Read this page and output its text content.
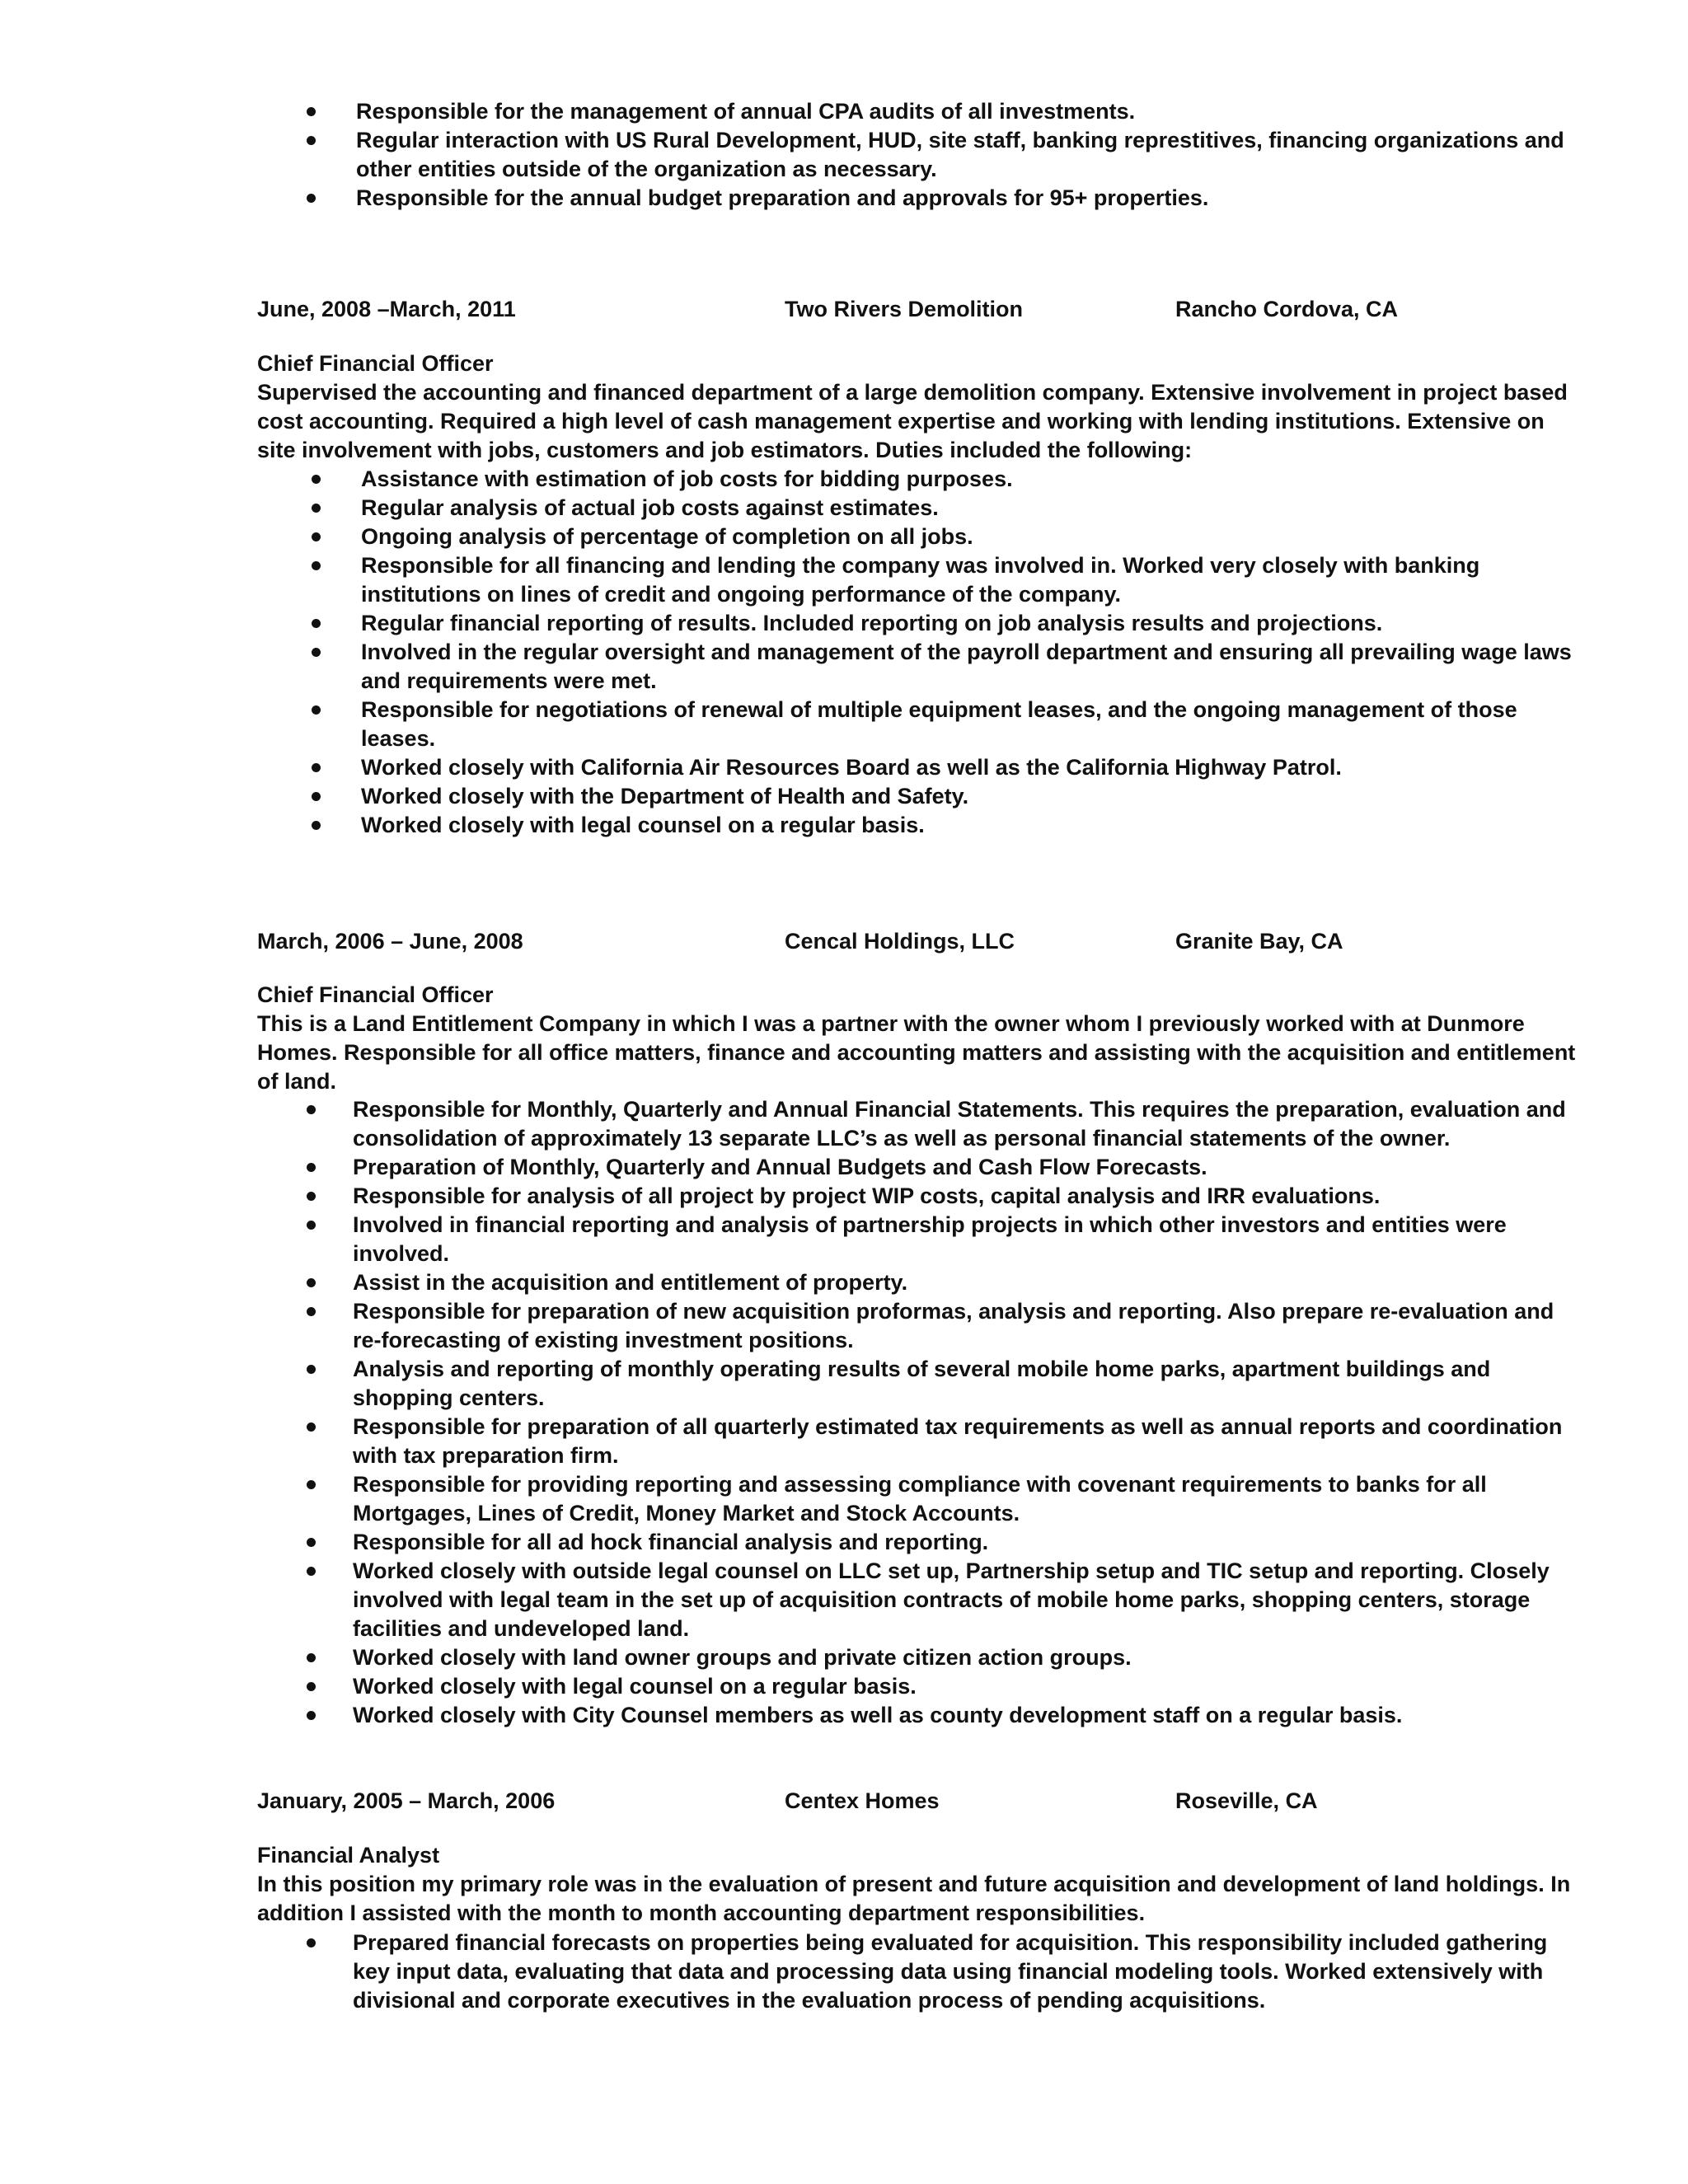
Responsible for the management of annual CPA audits of all investments.
Regular interaction with US Rural Development, HUD, site staff, banking represtitives, financing organizations and other entities outside of the organization as necessary.
Responsible for the annual budget preparation and approvals for 95+ properties.
June, 2008 –March, 2011	Two Rivers Demolition	Rancho Cordova, CA
Chief Financial Officer
Supervised the accounting and financed department of a large demolition company. Extensive involvement in project based cost accounting. Required a high level of cash management expertise and working with lending institutions. Extensive on site involvement with jobs, customers and job estimators. Duties included the following:
Assistance with estimation of job costs for bidding purposes.
Regular analysis of actual job costs against estimates.
Ongoing analysis of percentage of completion on all jobs.
Responsible for all financing and lending the company was involved in. Worked very closely with banking institutions on lines of credit and ongoing performance of the company.
Regular financial reporting of results. Included reporting on job analysis results and projections.
Involved in the regular oversight and management of the payroll department and ensuring all prevailing wage laws and requirements were met.
Responsible for negotiations of renewal of multiple equipment leases, and the ongoing management of those leases.
Worked closely with California Air Resources Board as well as the California Highway Patrol.
Worked closely with the Department of Health and Safety.
Worked closely with legal counsel on a regular basis.
March, 2006 – June, 2008	Cencal Holdings, LLC	Granite Bay, CA
Chief Financial Officer
This is a Land Entitlement Company in which I was a partner with the owner whom I previously worked with at Dunmore Homes. Responsible for all office matters, finance and accounting matters and assisting with the acquisition and entitlement of land.
Responsible for Monthly, Quarterly and Annual Financial Statements. This requires the preparation, evaluation and consolidation of approximately 13 separate LLC’s as well as personal financial statements of the owner.
Preparation of Monthly, Quarterly and Annual Budgets and Cash Flow Forecasts.
Responsible for analysis of all project by project WIP costs, capital analysis and IRR evaluations.
Involved in financial reporting and analysis of partnership projects in which other investors and entities were involved.
Assist in the acquisition and entitlement of property.
Responsible for preparation of new acquisition proformas, analysis and reporting. Also prepare re-evaluation and re-forecasting of existing investment positions.
Analysis and reporting of monthly operating results of several mobile home parks, apartment buildings and shopping centers.
Responsible for preparation of all quarterly estimated tax requirements as well as annual reports and coordination with tax preparation firm.
Responsible for providing reporting and assessing compliance with covenant requirements to banks for all Mortgages, Lines of Credit, Money Market and Stock Accounts.
Responsible for all ad hock financial analysis and reporting.
Worked closely with outside legal counsel on LLC set up, Partnership setup and TIC setup and reporting. Closely involved with legal team in the set up of acquisition contracts of mobile home parks, shopping centers, storage facilities and undeveloped land.
Worked closely with land owner groups and private citizen action groups.
Worked closely with legal counsel on a regular basis.
Worked closely with City Counsel members as well as county development staff on a regular basis.
January, 2005 – March, 2006	Centex Homes	Roseville, CA
Financial Analyst
In this position my primary role was in the evaluation of present and future acquisition and development of land holdings. In addition I assisted with the month to month accounting department responsibilities.
Prepared financial forecasts on properties being evaluated for acquisition. This responsibility included gathering key input data, evaluating that data and processing data using financial modeling tools. Worked extensively with divisional and corporate executives in the evaluation process of pending acquisitions.
